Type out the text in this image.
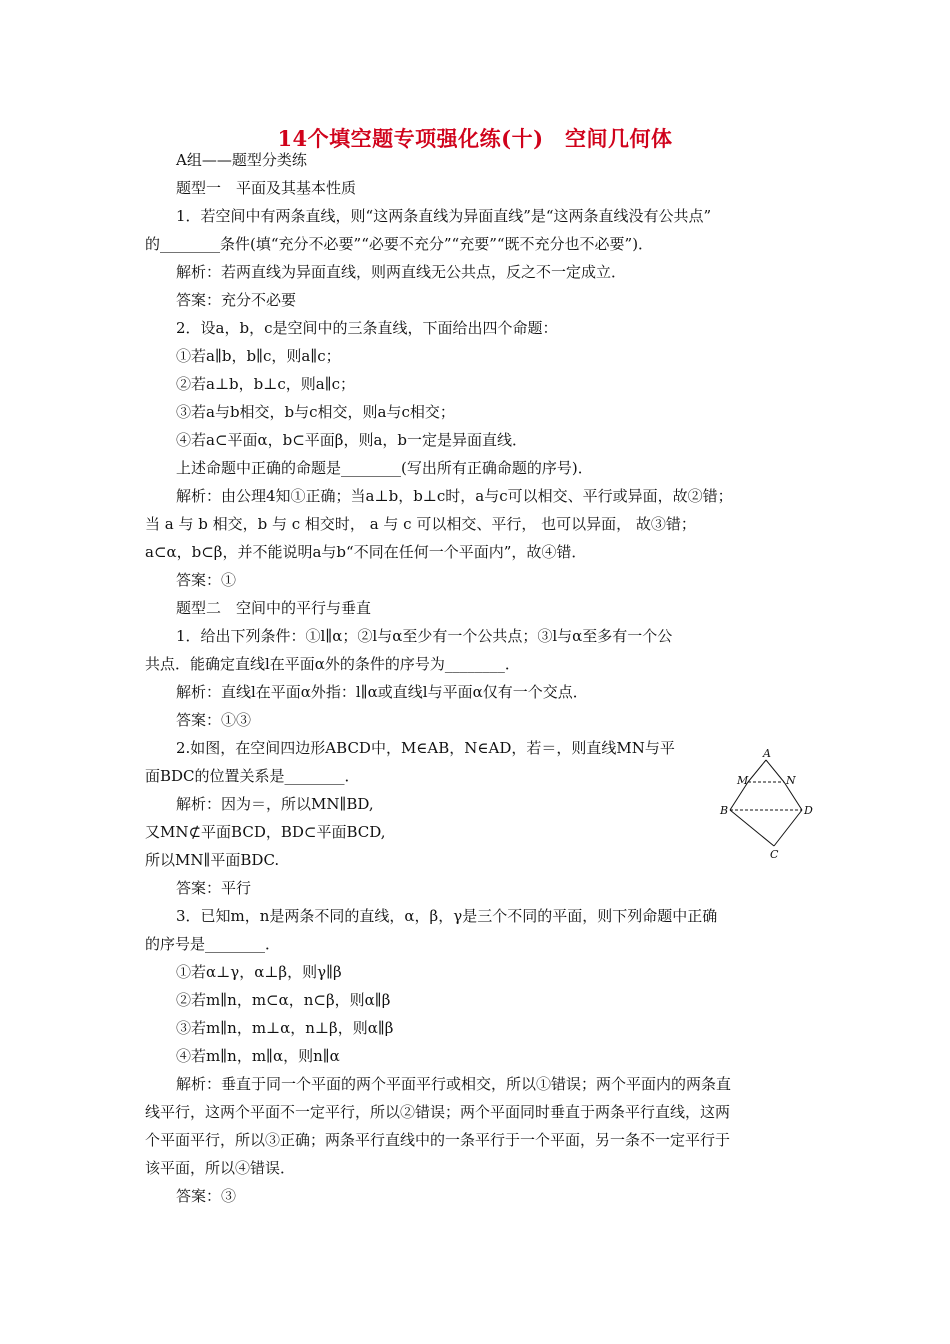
14个填空题专项强化练(十)　空间几何体
A组——题型分类练
题型一　平面及其基本性质
1．若空间中有两条直线，则“这两条直线为异面直线”是“这两条直线没有公共点”
的________条件(填“充分不必要”“必要不充分”“充要”“既不充分也不必要”)．
解析：若两直线为异面直线，则两直线无公共点，反之不一定成立．
答案：充分不必要
2．设a，b，c是空间中的三条直线，下面给出四个命题：
①若a∥b，b∥c，则a∥c；
②若a⊥b，b⊥c，则a∥c；
③若a与b相交，b与c相交，则a与c相交；
④若a⊂平面α，b⊂平面β，则a，b一定是异面直线．
上述命题中正确的命题是________(写出所有正确命题的序号)．
解析：由公理4知①正确；当a⊥b，b⊥c时，a与c可以相交、平行或异面，故②错；
当 a 与 b 相交，b 与 c 相交时， a 与 c 可以相交、平行， 也可以异面， 故③错；
a⊂α，b⊂β，并不能说明a与b“不同在任何一个平面内”，故④错．
答案：①
题型二　空间中的平行与垂直
1．给出下列条件：①l∥α；②l与α至少有一个公共点；③l与α至多有一个公
共点．能确定直线l在平面α外的条件的序号为________．
解析：直线l在平面α外指：l∥α或直线l与平面α仅有一个交点．
答案：①③
2.如图，在空间四边形ABCD中，M∈AB，N∈AD，若＝，则直线MN与平
面BDC的位置关系是________．
解析：因为＝，所以MN∥BD,
又MN⊄平面BCD，BD⊂平面BCD,
所以MN∥平面BDC.
答案：平行
3．已知m，n是两条不同的直线，α，β，γ是三个不同的平面，则下列命题中正确
的序号是________．
①若α⊥γ，α⊥β，则γ∥β
②若m∥n，m⊂α，n⊂β，则α∥β
③若m∥n，m⊥α，n⊥β，则α∥β
④若m∥n，m∥α，则n∥α
解析：垂直于同一个平面的两个平面平行或相交，所以①错误；两个平面内的两条直
线平行，这两个平面不一定平行，所以②错误；两个平面同时垂直于两条平行直线，这两
个平面平行，所以③正确；两条平行直线中的一条平行于一个平面，另一条不一定平行于
该平面，所以④错误．
答案：③
A
M	N
B	D
C
